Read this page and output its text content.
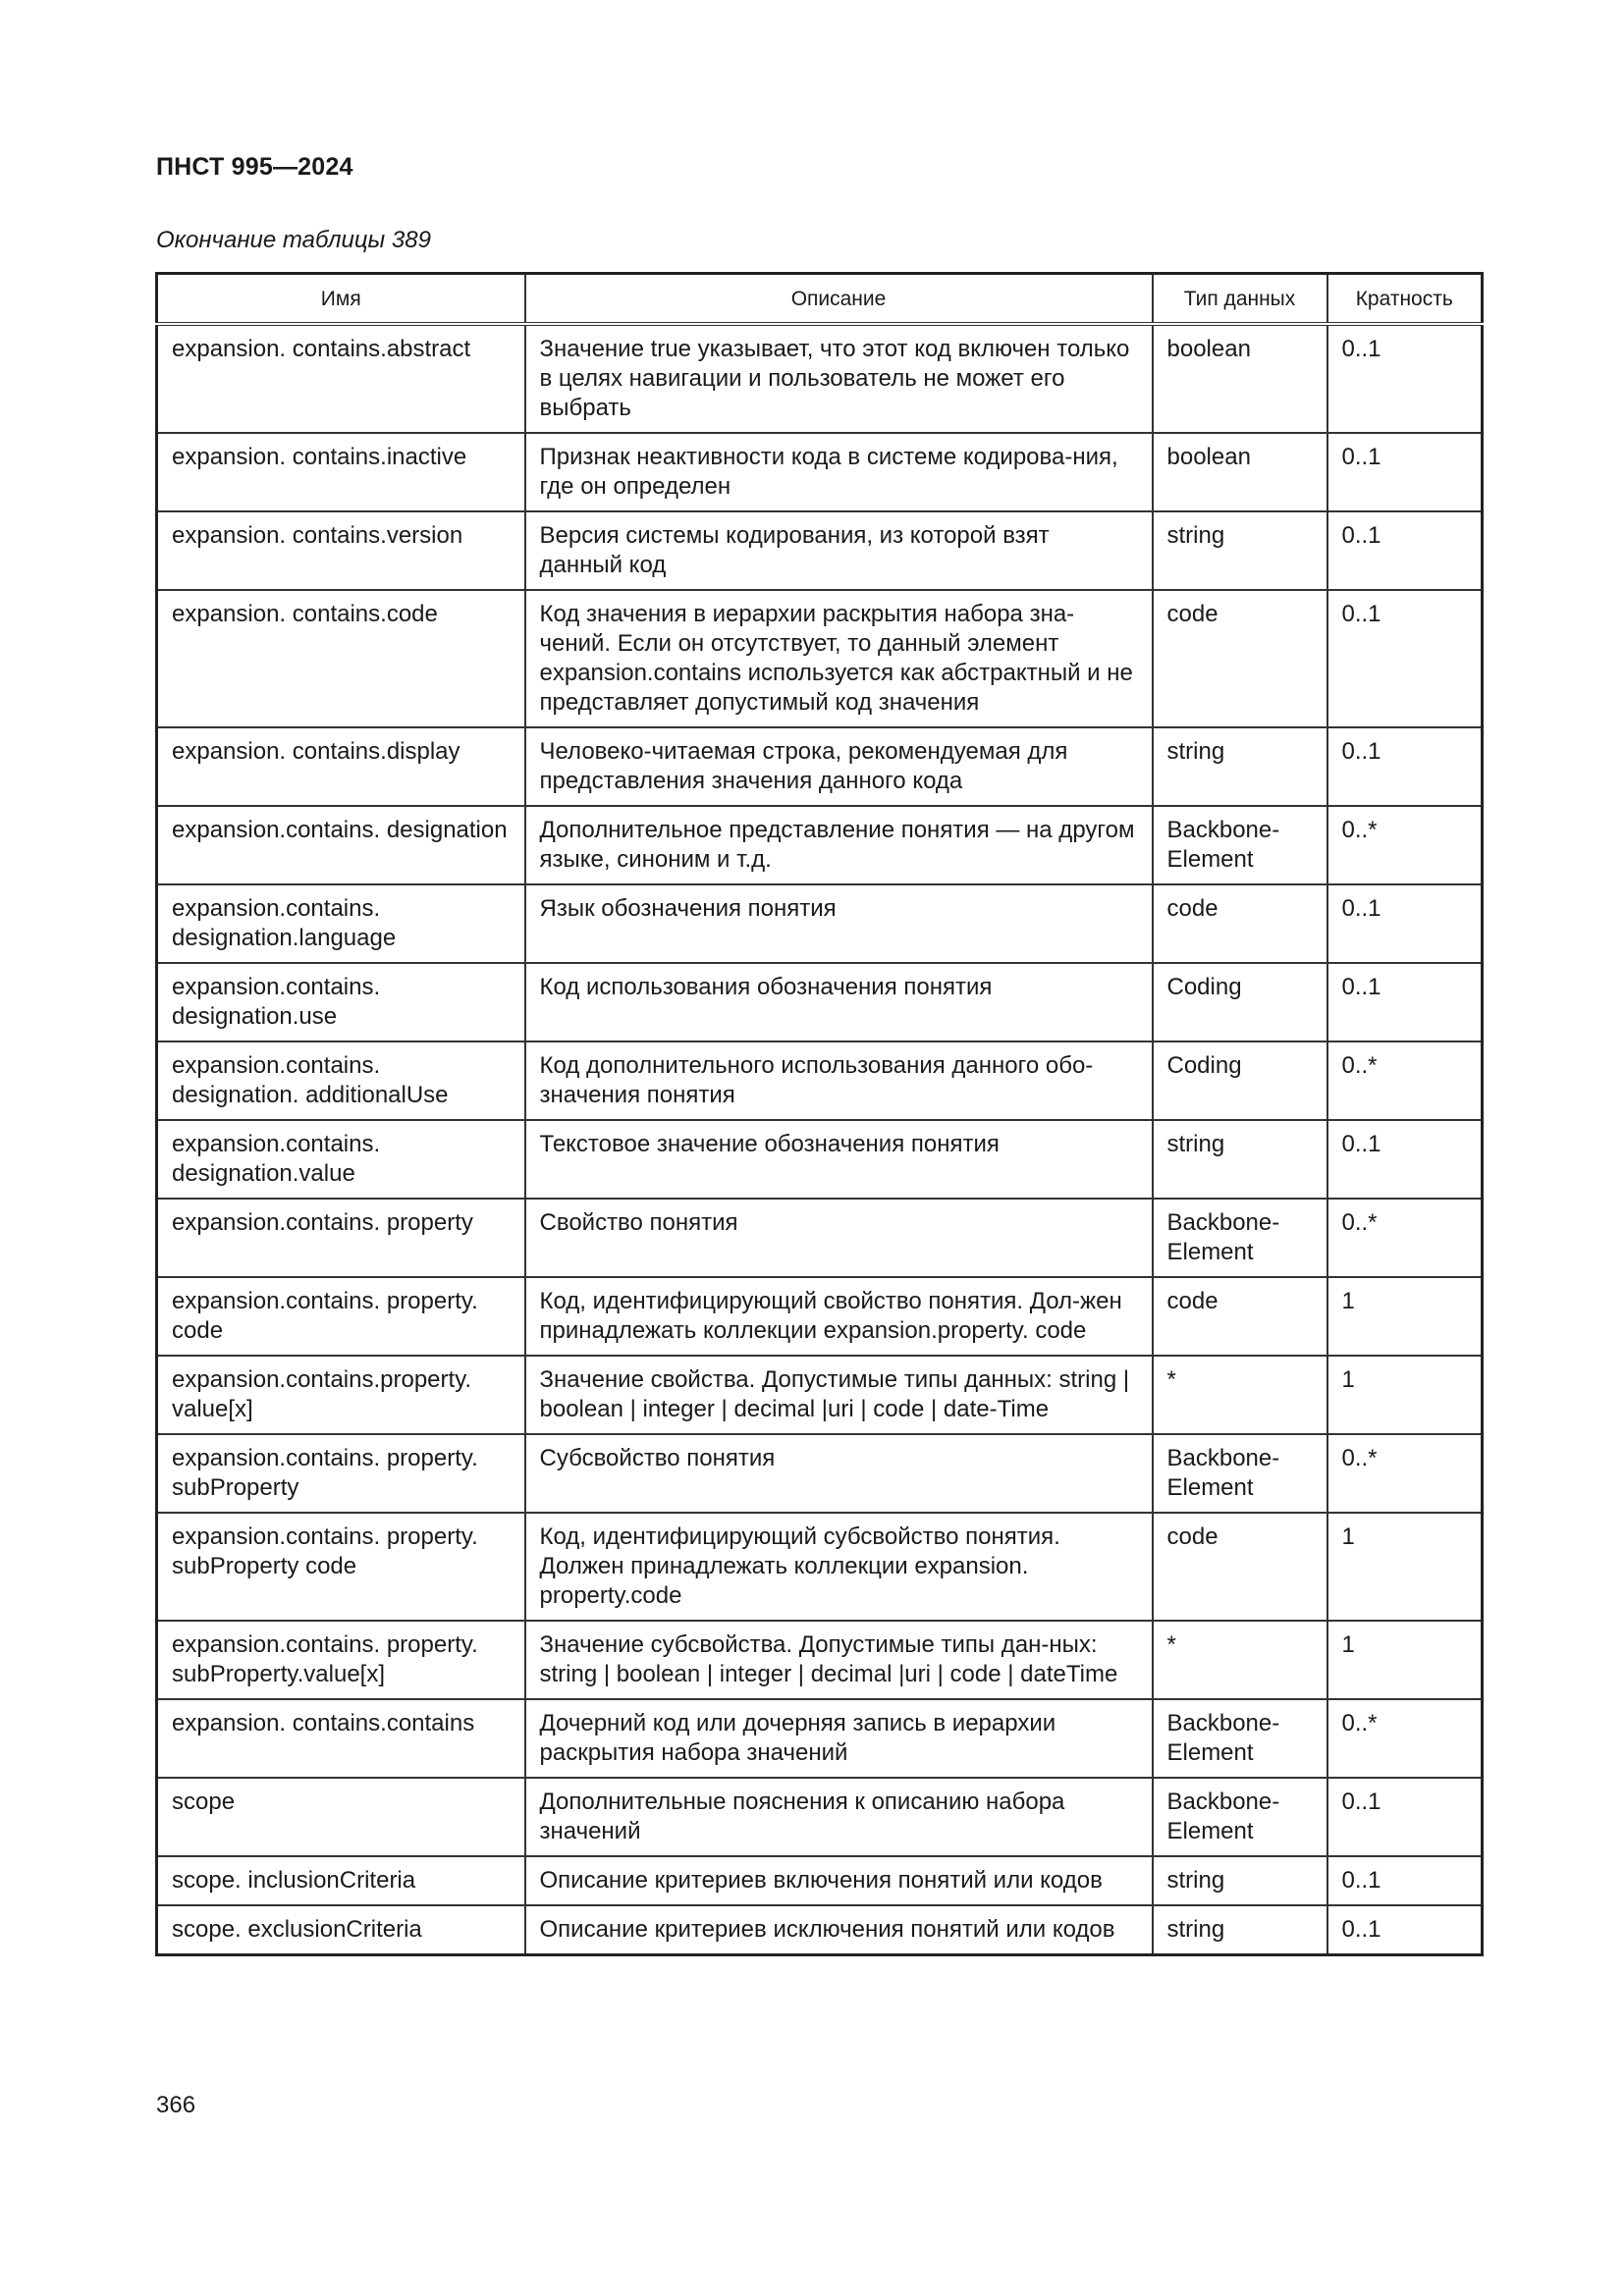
ПНСТ 995—2024
Окончание таблицы 389
Имя	Описание	Тип данных	Кратность
expansion. contains.abstract	Значение true указывает, что этот код включен только в целях навигации и пользователь не может его выбрать	boolean	0..1
expansion. contains.inactive	Признак неактивности кода в системе кодирова-ния, где он определен	boolean	0..1
expansion. contains.version	Версия системы кодирования, из которой взят данный код	string	0..1
expansion. contains.code	Код значения в иерархии раскрытия набора зна-чений. Если он отсутствует, то данный элемент expansion.contains используется как абстрактный и не представляет допустимый код значения	code	0..1
expansion. contains.display	Человеко-читаемая строка, рекомендуемая для представления значения данного кода	string	0..1
expansion.contains. designation	Дополнительное представление понятия — на другом языке, синоним и т.д.	Backbone-Element	0..*
expansion.contains. designation.language	Язык обозначения понятия	code	0..1
expansion.contains. designation.use	Код использования обозначения понятия	Coding	0..1
expansion.contains. designation. additionalUse	Код дополнительного использования данного обо-значения понятия	Coding	0..*
expansion.contains. designation.value	Текстовое значение обозначения понятия	string	0..1
expansion.contains. property	Свойство понятия	Backbone-Element	0..*
expansion.contains. property. code	Код, идентифицирующий свойство понятия. Дол-жен принадлежать коллекции expansion.property. code	code	1
expansion.contains.property. value[x]	Значение свойства. Допустимые типы данных: string | boolean | integer | decimal |uri | code | date-Time	*	1
expansion.contains. property. subProperty	Субсвойство понятия	Backbone-Element	0..*
expansion.contains. property. subProperty code	Код, идентифицирующий субсвойство понятия. Должен принадлежать коллекции expansion. property.code	code	1
expansion.contains. property. subProperty.value[x]	Значение субсвойства. Допустимые типы дан-ных: string | boolean | integer | decimal |uri | code | dateTime	*	1
expansion. contains.contains	Дочерний код или дочерняя запись в иерархии раскрытия набора значений	Backbone-Element	0..*
scope	Дополнительные пояснения к описанию набора значений	Backbone-Element	0..1
scope. inclusionCriteria	Описание критериев включения понятий или кодов	string	0..1
scope. exclusionCriteria	Описание критериев исключения понятий или кодов	string	0..1
366
